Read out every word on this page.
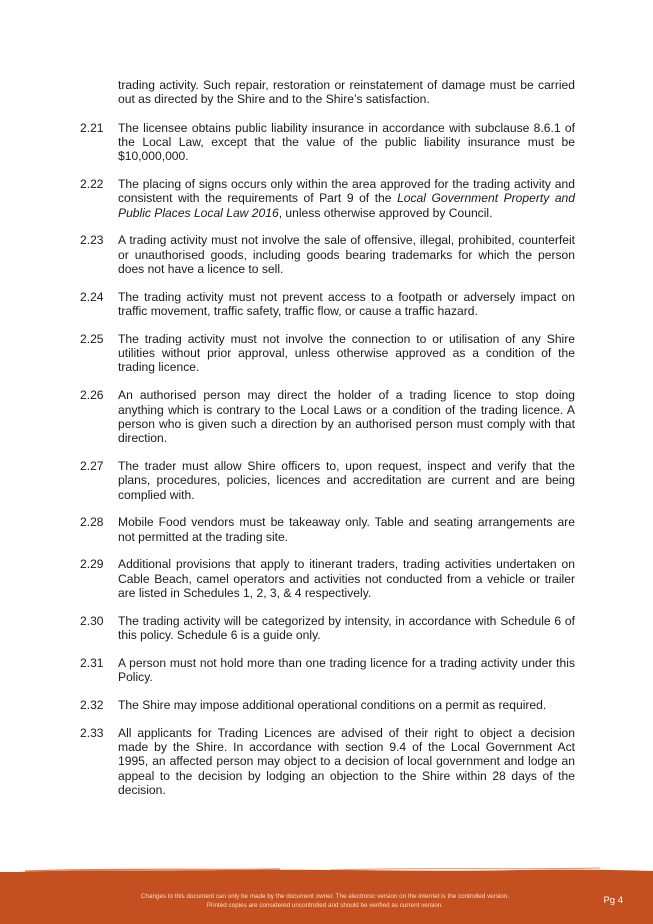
trading activity. Such repair, restoration or reinstatement of damage must be carried out as directed by the Shire and to the Shire’s satisfaction.
2.21	The licensee obtains public liability insurance in accordance with subclause 8.6.1 of the Local Law, except that the value of the public liability insurance must be $10,000,000.
2.22	The placing of signs occurs only within the area approved for the trading activity and consistent with the requirements of Part 9 of the Local Government Property and Public Places Local Law 2016, unless otherwise approved by Council.
2.23	A trading activity must not involve the sale of offensive, illegal, prohibited, counterfeit or unauthorised goods, including goods bearing trademarks for which the person does not have a licence to sell.
2.24	The trading activity must not prevent access to a footpath or adversely impact on traffic movement, traffic safety, traffic flow, or cause a traffic hazard.
2.25	The trading activity must not involve the connection to or utilisation of any Shire utilities without prior approval, unless otherwise approved as a condition of the trading licence.
2.26	An authorised person may direct the holder of a trading licence to stop doing anything which is contrary to the Local Laws or a condition of the trading licence. A person who is given such a direction by an authorised person must comply with that direction.
2.27	The trader must allow Shire officers to, upon request, inspect and verify that the plans, procedures, policies, licences and accreditation are current and are being complied with.
2.28	Mobile Food vendors must be takeaway only. Table and seating arrangements are not permitted at the trading site.
2.29	Additional provisions that apply to itinerant traders, trading activities undertaken on Cable Beach, camel operators and activities not conducted from a vehicle or trailer are listed in Schedules 1, 2, 3, & 4 respectively.
2.30	The trading activity will be categorized by intensity, in accordance with Schedule 6 of this policy. Schedule 6 is a guide only.
2.31	A person must not hold more than one trading licence for a trading activity under this Policy.
2.32	The Shire may impose additional operational conditions on a permit as required.
2.33	All applicants for Trading Licences are advised of their right to object a decision made by the Shire. In accordance with section 9.4 of the Local Government Act 1995, an affected person may object to a decision of local government and lodge an appeal to the decision by lodging an objection to the Shire within 28 days of the decision.
Changes to this document can only be made by the document owner. The electronic version on the internet is the controlled version.
Printed copies are considered uncontrolled and should be verified as current version.	Pg 4
